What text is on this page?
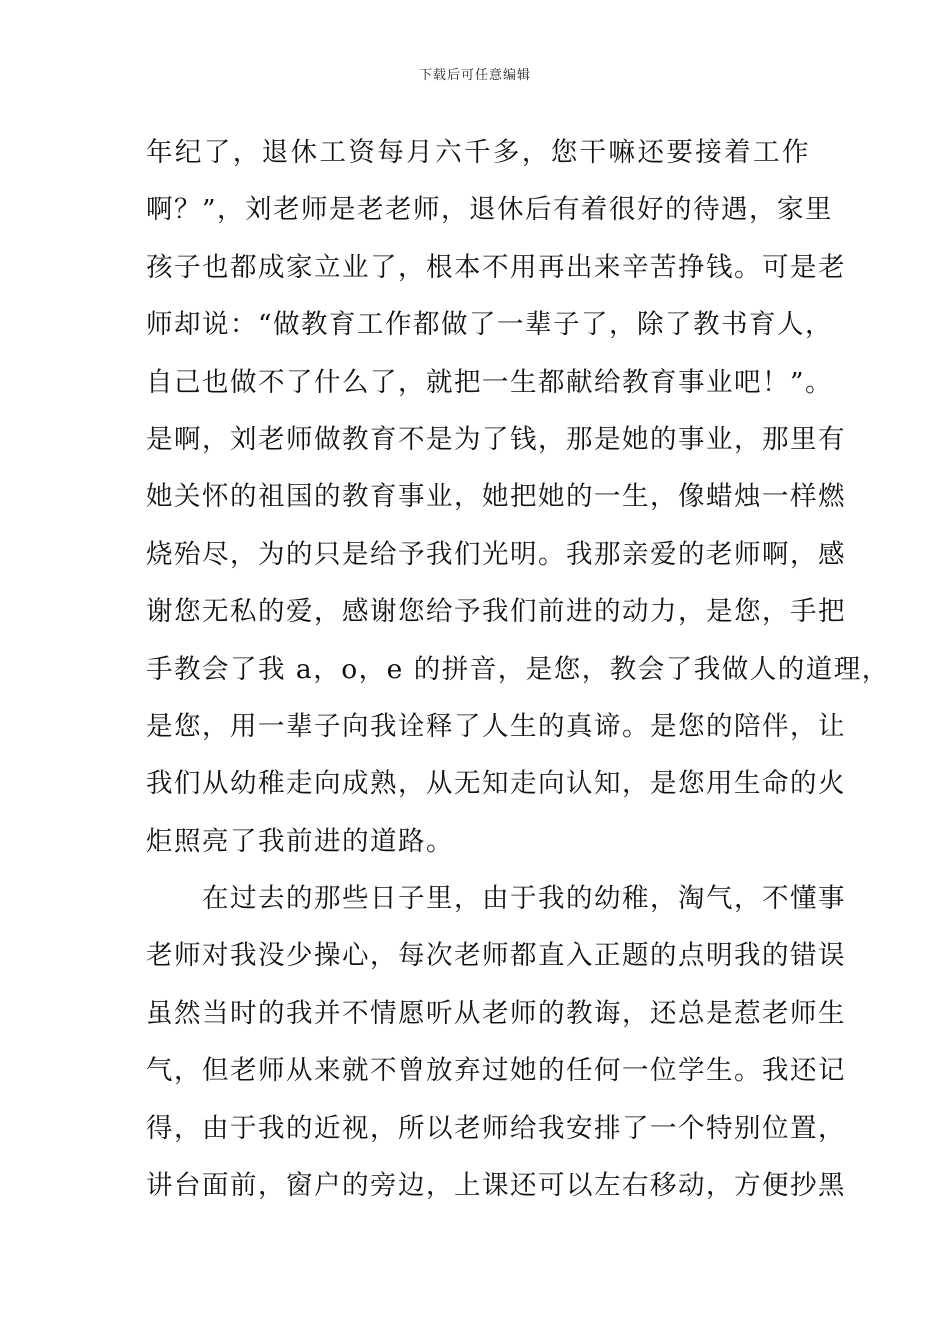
下载后可任意编辑
年纪了，退休工资每月六千多，您干嘛还要接着工作
啊？”，刘老师是老老师，退休后有着很好的待遇，家里
孩子也都成家立业了，根本不用再出来辛苦挣钱。可是老
师却说：“做教育工作都做了一辈子了，除了教书育人，
自己也做不了什么了，就把一生都献给教育事业吧！”。
是啊，刘老师做教育不是为了钱，那是她的事业，那里有
她关怀的祖国的教育事业，她把她的一生，像蜡烛一样燃
烧殆尽，为的只是给予我们光明。我那亲爱的老师啊，感
谢您无私的爱，感谢您给予我们前进的动力，是您，手把
手教会了我 a，o，e 的拼音，是您，教会了我做人的道理，
是您，用一辈子向我诠释了人生的真谛。是您的陪伴，让
我们从幼稚走向成熟，从无知走向认知，是您用生命的火
炬照亮了我前进的道路。
　　在过去的那些日子里，由于我的幼稚，淘气，不懂事
老师对我没少操心，每次老师都直入正题的点明我的错误
虽然当时的我并不情愿听从老师的教诲，还总是惹老师生
气，但老师从来就不曾放弃过她的任何一位学生。我还记
得，由于我的近视，所以老师给我安排了一个特别位置，
讲台面前，窗户的旁边，上课还可以左右移动，方便抄黑
